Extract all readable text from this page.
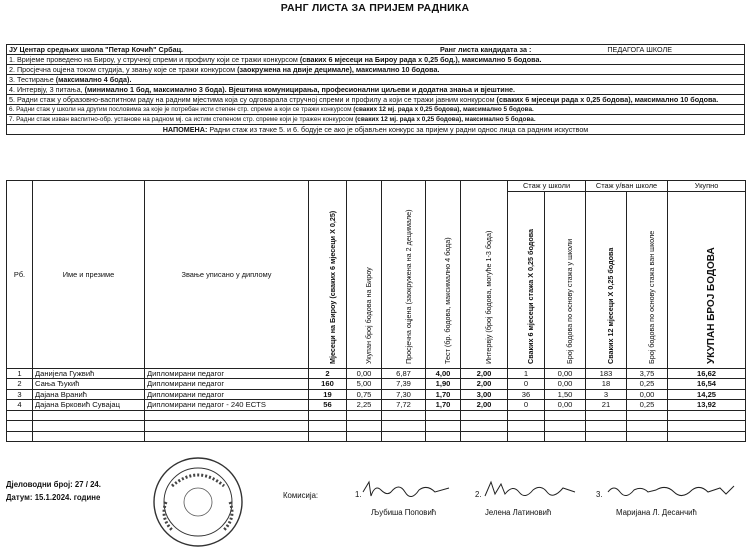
РАНГ ЛИСТА ЗА ПРИЈЕМ РАДНИКА
ЈУ Центар средњих школа "Петар Кочић" Србац.	Ранг листа кандидата за :	ПЕДАГОГА ШКОЛЕ

1. Вријеме проведено на Бироу, у стручној спреми и профилу који се тражи конкурсом (сваких 6 мјесеци на Бироу рада x 0,25 бод.), максимално 5 бодова.
2. Просјечна оцјена током студија, у звању које се тражи конкурсом (заокружена на двије децимале), максимално 10 бодова.
3. Тестирање (максимално 4 бода).
4. Интервју, 3 питања, (минимално 1 бод, максимално 3 бода). Вјештина комуницирања, професионални циљеви и додатна знања и вјештине.
5. Радни стаж у образовно-васпитном раду на радним мјестима која су одговарала стручној спреми и профилу а који се тражи јавним конкурсом (сваких 6 мјесеци рада x 0,25 бодова), максимално 10 бодова.
6. Радни стаж у школи на другим пословима за које је потребан исти степен стр. спреме а који се тражи конкурсом (сваких 12 мј. рада x 0,25 бодова), максимално 5 бодова.
7. Радни стаж изван васпитно-обр. установе на радном мј. са истим степеном стр. спреме који је тражен конкурсом (сваких 12 мј. рада x 0,25 бодова), максимално 5 бодова.
НАПОМЕНА: Радни стаж из тачке 5. и 6. бодује се ако је објављен конкурс за пријем у радни однос лица са радним искуством
Рб.	Име и презиме	Звање уписано у диплому	Мјесеци на Бироу (сваких 6 мјесеци X 0,25)	Укупан број бодова на Бироу	Просјечна оцјена (заокружена на 2 децимале)	Тест (бр. бодова, максимално 4 бода)	Интервју (број бодова, могуће 1-3 бода)	Стаж у школи		Стаж у/ван школе		Укупно

								Сваких 6 мјесеци стажа X 0,25 бодова	Број бодова по основу стажа у школи	Сваких 12 мјесеци X 0,25 бодова	Број бодова по основу стажа ван школе	УКУПАН БРОЈ БОДОВА

1	Данијела Гужвић	Дипломирани педагог	2	0,00	6,87	4,00	2,00	1	0,00	183	3,75	16,62
2	Сања Ђукић	Дипломирани педагог	160	5,00	7,39	1,90	2,00	0	0,00	18	0,25	16,54
3	Дајана Вранић	Дипломирани педагог	19	0,75	7,30	1,70	3,00	36	1,50	3	0,00	14,25
4	Дајана Брковић Сувајац	Дипломирани педагог - 240 ECTS	56	2,25	7,72	1,70	2,00	0	0,00	21	0,25	13,92

Дјеловодни број: 27 / 24.
Датум: 15.1.2024. године	Комисија:	1.
Љубиша Поповић
2.
Јелена Латиновић
3.
Маријана Л. Десанчић
